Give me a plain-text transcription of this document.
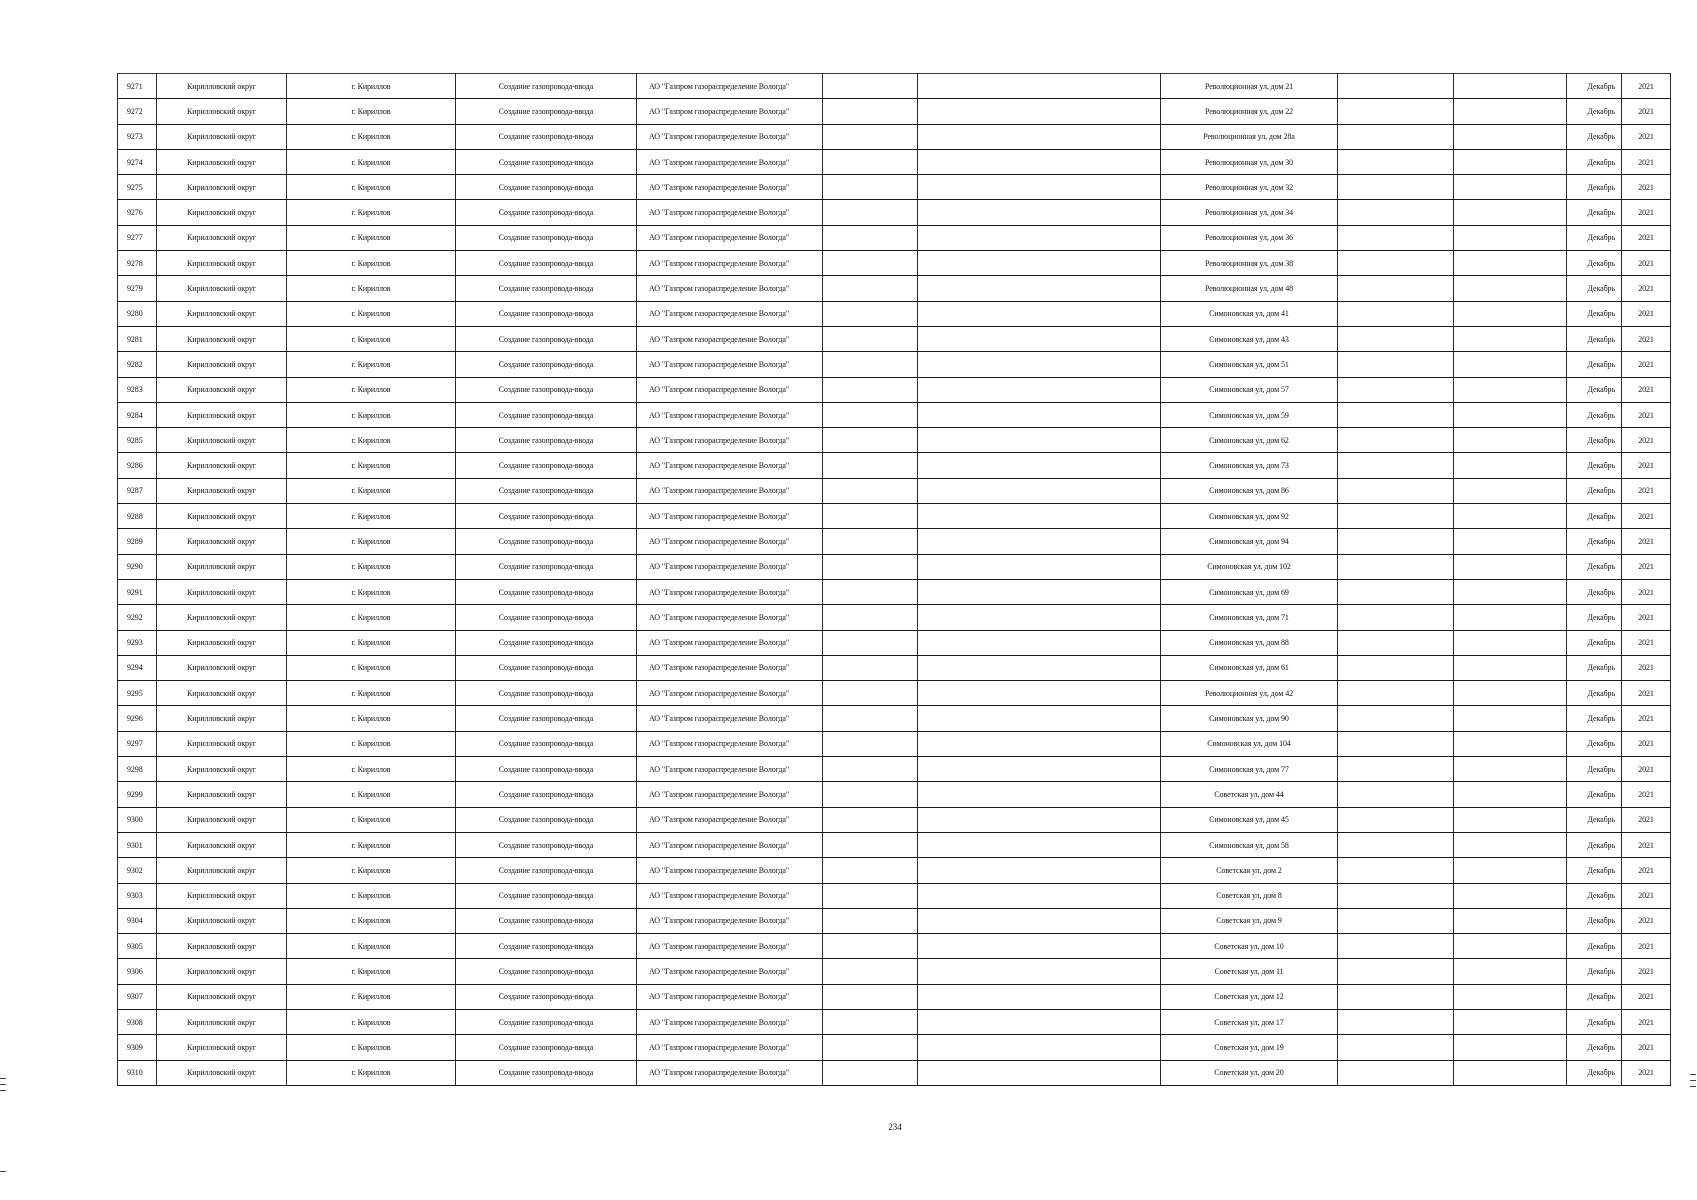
9271	Кирилловский округ	г. Кириллов	Создание газопровода-ввода	АО "Газпром газораспределение Вологда"			Революционная ул, дом 21			Декабрь	2021
9272	Кирилловский округ	г. Кириллов	Создание газопровода-ввода	АО "Газпром газораспределение Вологда"			Революционная ул, дом 22			Декабрь	2021
9273	Кирилловский округ	г. Кириллов	Создание газопровода-ввода	АО "Газпром газораспределение Вологда"			Революционная ул, дом 28а			Декабрь	2021
9274	Кирилловский округ	г. Кириллов	Создание газопровода-ввода	АО "Газпром газораспределение Вологда"			Революционная ул, дом 30			Декабрь	2021
9275	Кирилловский округ	г. Кириллов	Создание газопровода-ввода	АО "Газпром газораспределение Вологда"			Революционная ул, дом 32			Декабрь	2021
9276	Кирилловский округ	г. Кириллов	Создание газопровода-ввода	АО "Газпром газораспределение Вологда"			Революционная ул, дом 34			Декабрь	2021
9277	Кирилловский округ	г. Кириллов	Создание газопровода-ввода	АО "Газпром газораспределение Вологда"			Революционная ул, дом 36			Декабрь	2021
9278	Кирилловский округ	г. Кириллов	Создание газопровода-ввода	АО "Газпром газораспределение Вологда"			Революционная ул, дом 38			Декабрь	2021
9279	Кирилловский округ	г. Кириллов	Создание газопровода-ввода	АО "Газпром газораспределение Вологда"			Революционная ул, дом 48			Декабрь	2021
9280	Кирилловский округ	г. Кириллов	Создание газопровода-ввода	АО "Газпром газораспределение Вологда"			Симоновская ул, дом 41			Декабрь	2021
9281	Кирилловский округ	г. Кириллов	Создание газопровода-ввода	АО "Газпром газораспределение Вологда"			Симоновская ул, дом 43			Декабрь	2021
9282	Кирилловский округ	г. Кириллов	Создание газопровода-ввода	АО "Газпром газораспределение Вологда"			Симоновская ул, дом 51			Декабрь	2021
9283	Кирилловский округ	г. Кириллов	Создание газопровода-ввода	АО "Газпром газораспределение Вологда"			Симоновская ул, дом 57			Декабрь	2021
9284	Кирилловский округ	г. Кириллов	Создание газопровода-ввода	АО "Газпром газораспределение Вологда"			Симоновская ул, дом 59			Декабрь	2021
9285	Кирилловский округ	г. Кириллов	Создание газопровода-ввода	АО "Газпром газораспределение Вологда"			Симоновская ул, дом 62			Декабрь	2021
9286	Кирилловский округ	г. Кириллов	Создание газопровода-ввода	АО "Газпром газораспределение Вологда"			Симоновская ул, дом 73			Декабрь	2021
9287	Кирилловский округ	г. Кириллов	Создание газопровода-ввода	АО "Газпром газораспределение Вологда"			Симоновская ул, дом 86			Декабрь	2021
9288	Кирилловский округ	г. Кириллов	Создание газопровода-ввода	АО "Газпром газораспределение Вологда"			Симоновская ул, дом 92			Декабрь	2021
9289	Кирилловский округ	г. Кириллов	Создание газопровода-ввода	АО "Газпром газораспределение Вологда"			Симоновская ул, дом 94			Декабрь	2021
9290	Кирилловский округ	г. Кириллов	Создание газопровода-ввода	АО "Газпром газораспределение Вологда"			Симоновская ул, дом 102			Декабрь	2021
9291	Кирилловский округ	г. Кириллов	Создание газопровода-ввода	АО "Газпром газораспределение Вологда"			Симоновская ул, дом 69			Декабрь	2021
9292	Кирилловский округ	г. Кириллов	Создание газопровода-ввода	АО "Газпром газораспределение Вологда"			Симоновская ул, дом 71			Декабрь	2021
9293	Кирилловский округ	г. Кириллов	Создание газопровода-ввода	АО "Газпром газораспределение Вологда"			Симоновская ул, дом 88			Декабрь	2021
9294	Кирилловский округ	г. Кириллов	Создание газопровода-ввода	АО "Газпром газораспределение Вологда"			Симоновская ул, дом 61			Декабрь	2021
9295	Кирилловский округ	г. Кириллов	Создание газопровода-ввода	АО "Газпром газораспределение Вологда"			Революционная ул, дом 42			Декабрь	2021
9296	Кирилловский округ	г. Кириллов	Создание газопровода-ввода	АО "Газпром газораспределение Вологда"			Симоновская ул, дом 90			Декабрь	2021
9297	Кирилловский округ	г. Кириллов	Создание газопровода-ввода	АО "Газпром газораспределение Вологда"			Симоновская ул, дом 104			Декабрь	2021
9298	Кирилловский округ	г. Кириллов	Создание газопровода-ввода	АО "Газпром газораспределение Вологда"			Симоновская ул, дом 77			Декабрь	2021
9299	Кирилловский округ	г. Кириллов	Создание газопровода-ввода	АО "Газпром газораспределение Вологда"			Советская ул, дом 44			Декабрь	2021
9300	Кирилловский округ	г. Кириллов	Создание газопровода-ввода	АО "Газпром газораспределение Вологда"			Симоновская ул, дом 45			Декабрь	2021
9301	Кирилловский округ	г. Кириллов	Создание газопровода-ввода	АО "Газпром газораспределение Вологда"			Симоновская ул, дом 58			Декабрь	2021
9302	Кирилловский округ	г. Кириллов	Создание газопровода-ввода	АО "Газпром газораспределение Вологда"			Советская ул, дом 2			Декабрь	2021
9303	Кирилловский округ	г. Кириллов	Создание газопровода-ввода	АО "Газпром газораспределение Вологда"			Советская ул, дом 8			Декабрь	2021
9304	Кирилловский округ	г. Кириллов	Создание газопровода-ввода	АО "Газпром газораспределение Вологда"			Советская ул, дом 9			Декабрь	2021
9305	Кирилловский округ	г. Кириллов	Создание газопровода-ввода	АО "Газпром газораспределение Вологда"			Советская ул, дом 10			Декабрь	2021
9306	Кирилловский округ	г. Кириллов	Создание газопровода-ввода	АО "Газпром газораспределение Вологда"			Советская ул, дом 11			Декабрь	2021
9307	Кирилловский округ	г. Кириллов	Создание газопровода-ввода	АО "Газпром газораспределение Вологда"			Советская ул, дом 12			Декабрь	2021
9308	Кирилловский округ	г. Кириллов	Создание газопровода-ввода	АО "Газпром газораспределение Вологда"			Советская ул, дом 17			Декабрь	2021
9309	Кирилловский округ	г. Кириллов	Создание газопровода-ввода	АО "Газпром газораспределение Вологда"			Советская ул, дом 19			Декабрь	2021
9310	Кирилловский округ	г. Кириллов	Создание газопровода-ввода	АО "Газпром газораспределение Вологда"			Советская ул, дом 20			Декабрь	2021
234
